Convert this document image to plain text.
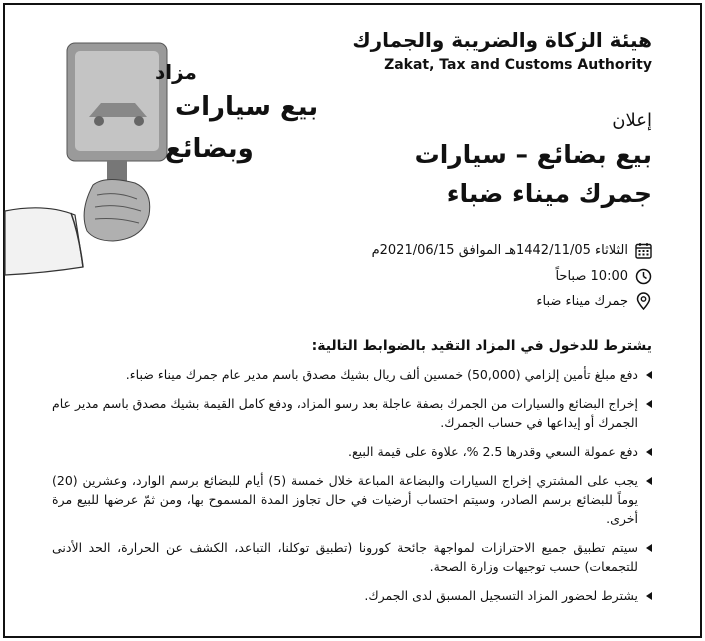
مزاد
بيع سيارات
وبضائع
هيئة الزكاة والضريبة والجمارك
Zakat, Tax and Customs Authority
إعلان
بيع بضائع – سيارات
جمرك ميناء ضباء
الثلاثاء 1442/11/05هـ الموافق 2021/06/15م
10:00 صباحاً
جمرك ميناء ضباء
يشترط للدخول في المزاد التقيد بالضوابط التالية:
دفع مبلغ تأمين إلزامي (50,000) خمسين ألف ريال بشيك مصدق باسم مدير عام جمرك ميناء ضباء.
إخراج البضائع والسيارات من الجمرك بصفة عاجلة بعد رسو المزاد، ودفع كامل القيمة بشيك مصدق باسم مدير عام الجمرك أو إيداعها في حساب الجمرك.
دفع عمولة السعي وقدرها 2.5 %، علاوة على قيمة البيع.
يجب على المشتري إخراج السيارات والبضاعة المباعة خلال خمسة (5) أيام للبضائع برسم الوارد، وعشرين (20) يوماً للبضائع برسم الصادر، وسيتم احتساب أرضيات في حال تجاوز المدة المسموح بها، ومن ثمّ عرضها للبيع مرة أخرى.
سيتم تطبيق جميع الاحترازات لمواجهة جائحة كورونا (تطبيق توكلنا، التباعد، الكشف عن الحرارة، الحد الأدنى للتجمعات) حسب توجيهات وزارة الصحة.
يشترط لحضور المزاد التسجيل المسبق لدى الجمرك.
